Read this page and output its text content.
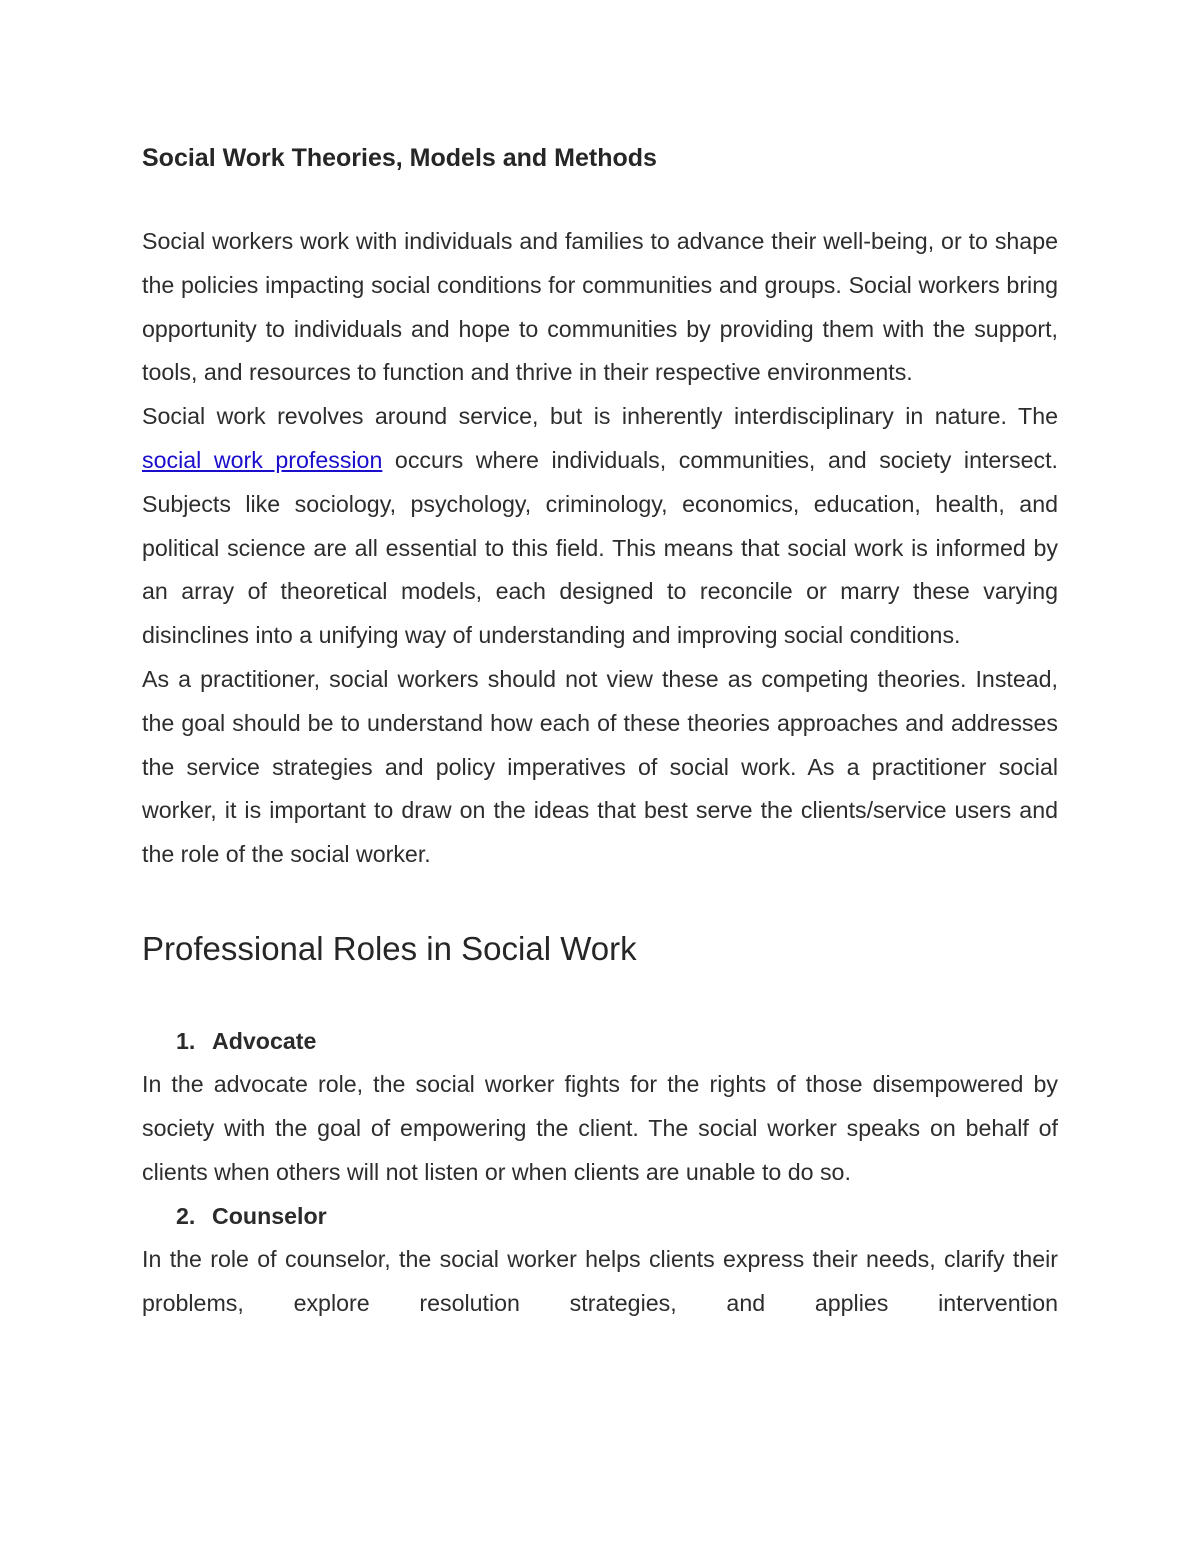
Social Work Theories, Models and Methods

Social workers work with individuals and families to advance their well-being, or to shape the policies impacting social conditions for communities and groups. Social workers bring opportunity to individuals and hope to communities by providing them with the support, tools, and resources to function and thrive in their respective environments.

Social work revolves around service, but is inherently interdisciplinary in nature. The social work profession occurs where individuals, communities, and society intersect. Subjects like sociology, psychology, criminology, economics, education, health, and political science are all essential to this field. This means that social work is informed by an array of theoretical models, each designed to reconcile or marry these varying disinclines into a unifying way of understanding and improving social conditions.

As a practitioner, social workers should not view these as competing theories. Instead, the goal should be to understand how each of these theories approaches and addresses the service strategies and policy imperatives of social work. As a practitioner social worker, it is important to draw on the ideas that best serve the clients/service users and the role of the social worker.

Professional Roles in Social Work
1. Advocate

In the advocate role, the social worker fights for the rights of those disempowered by society with the goal of empowering the client. The social worker speaks on behalf of clients when others will not listen or when clients are unable to do so.

2. Counselor

In the role of counselor, the social worker helps clients express their needs, clarify their problems, explore resolution strategies, and applies intervention
